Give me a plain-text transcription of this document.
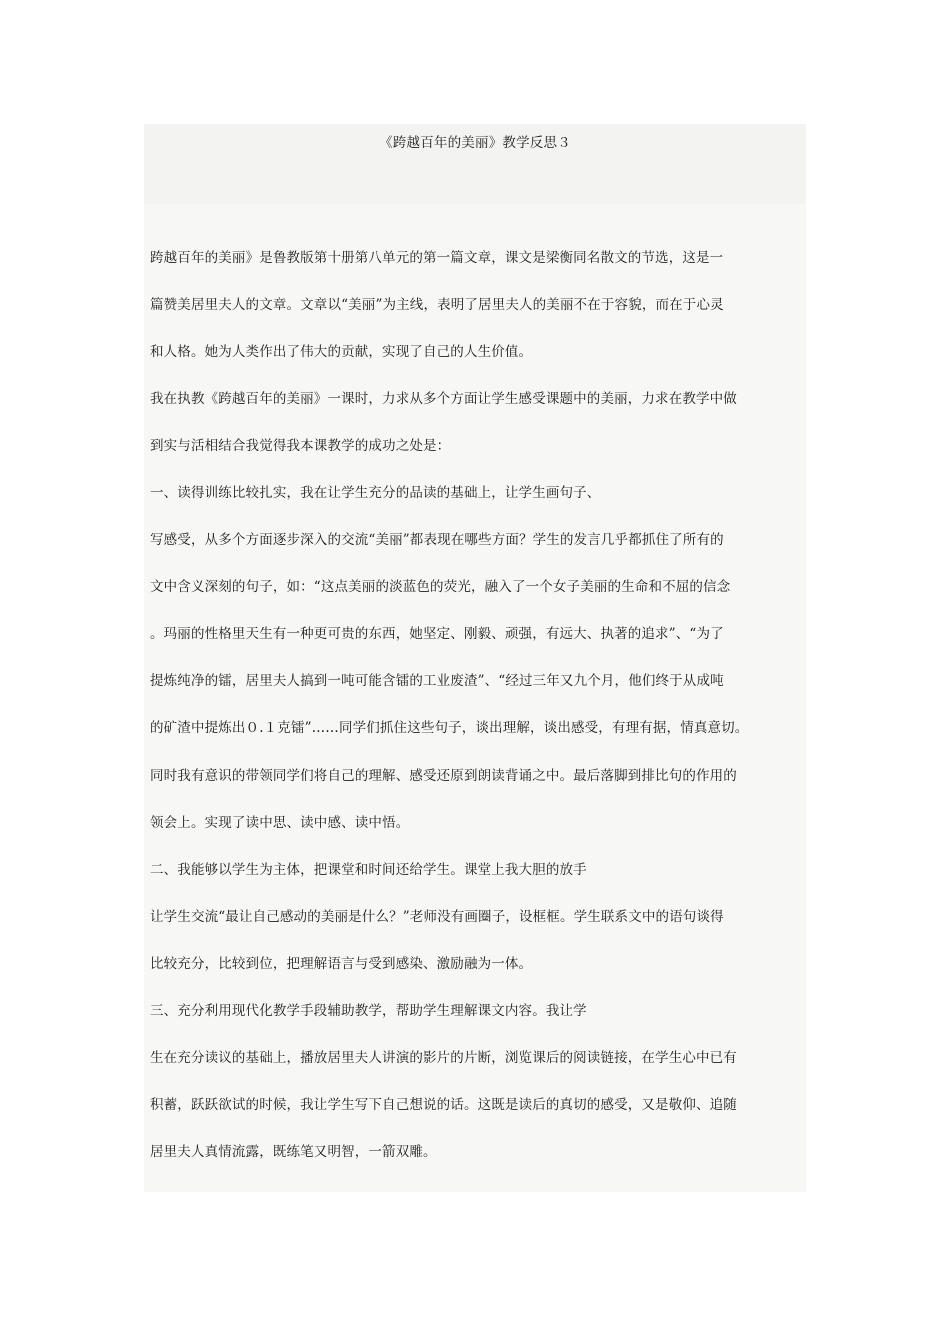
《跨越百年的美丽》教学反思３
跨越百年的美丽》是鲁教版第十册第八单元的第一篇文章，课文是梁衡同名散文的节选，这是一
篇赞美居里夫人的文章。文章以“美丽”为主线，表明了居里夫人的美丽不在于容貌，而在于心灵
和人格。她为人类作出了伟大的贡献，实现了自己的人生价值。
我在执教《跨越百年的美丽》一课时，力求从多个方面让学生感受课题中的美丽，力求在教学中做
到实与活相结合我觉得我本课教学的成功之处是：
一、读得训练比较扎实，我在让学生充分的品读的基础上，让学生画句子、
写感受，从多个方面逐步深入的交流“美丽”都表现在哪些方面？学生的发言几乎都抓住了所有的
文中含义深刻的句子，如：“这点美丽的淡蓝色的荧光，融入了一个女子美丽的生命和不屈的信念
。玛丽的性格里天生有一种更可贵的东西，她坚定、刚毅、顽强，有远大、执著的追求”、“为了
提炼纯净的镭，居里夫人搞到一吨可能含镭的工业废渣”、“经过三年又九个月，他们终于从成吨
的矿渣中提炼出０.１克镭”……同学们抓住这些句子，谈出理解，谈出感受，有理有据，情真意切。
同时我有意识的带领同学们将自己的理解、感受还原到朗读背诵之中。最后落脚到排比句的作用的
领会上。实现了读中思、读中感、读中悟。
二、我能够以学生为主体，把课堂和时间还给学生。课堂上我大胆的放手
让学生交流“最让自己感动的美丽是什么？”老师没有画圈子，设框框。学生联系文中的语句谈得
比较充分，比较到位，把理解语言与受到感染、激励融为一体。
三、充分利用现代化教学手段辅助教学，帮助学生理解课文内容。我让学
生在充分读议的基础上，播放居里夫人讲演的影片的片断，浏览课后的阅读链接，在学生心中已有
积蓄，跃跃欲试的时候，我让学生写下自己想说的话。这既是读后的真切的感受，又是敬仰、追随
居里夫人真情流露，既练笔又明智，一箭双雕。
